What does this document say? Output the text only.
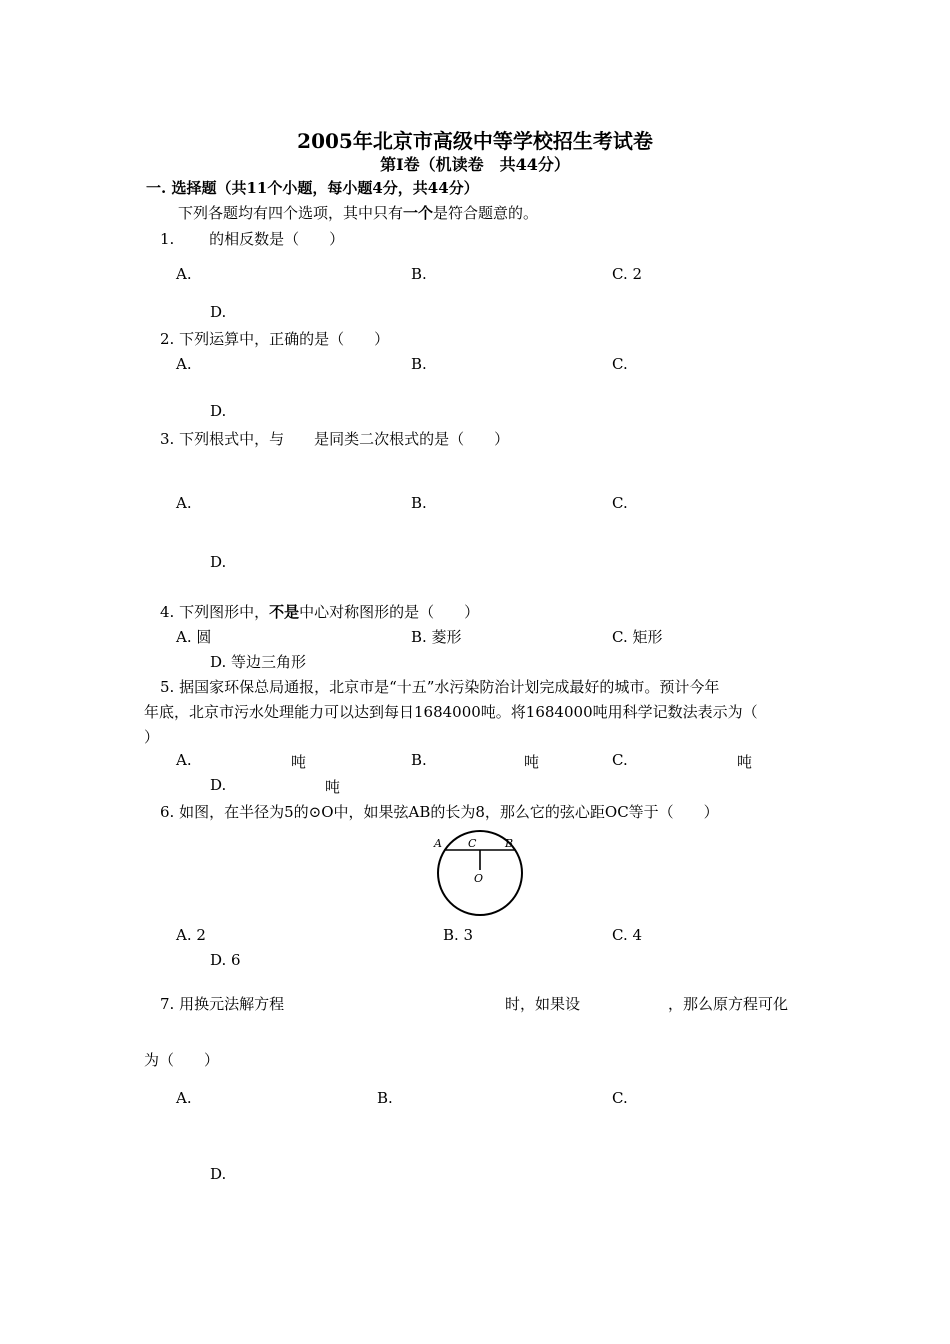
2005年北京市高级中等学校招生考试卷
第Ⅰ卷（机读卷　共44分）
一. 选择题（共11个小题，每小题4分，共44分）
下列各题均有四个选项，其中只有一个是符合题意的。
1.　　 的相反数是（　　）
A.	B.	C. 2
D.
2. 下列运算中，正确的是（　　）
A.	B.	C.
D.
3. 下列根式中，与　　是同类二次根式的是（　　）
A.	B.	C.
D.
4. 下列图形中，不是中心对称图形的是（　　）
A. 圆	B. 菱形	C. 矩形
D. 等边三角形
5. 据国家环保总局通报，北京市是“十五”水污染防治计划完成最好的城市。预计今年
年底，北京市污水处理能力可以达到每日1684000吨。将1684000吨用科学记数法表示为（
）
A.	吨	B.	吨	C.	吨
D.	吨
6. 如图，在半径为5的⊙O中，如果弦AB的长为8，那么它的弦心距OC等于（　　）
A C	B
O
A. 2	B. 3	C. 4
D. 6
7. 用换元法解方程	时，如果设	，那么原方程可化
为（　　）
A.	B.	C.
D.
